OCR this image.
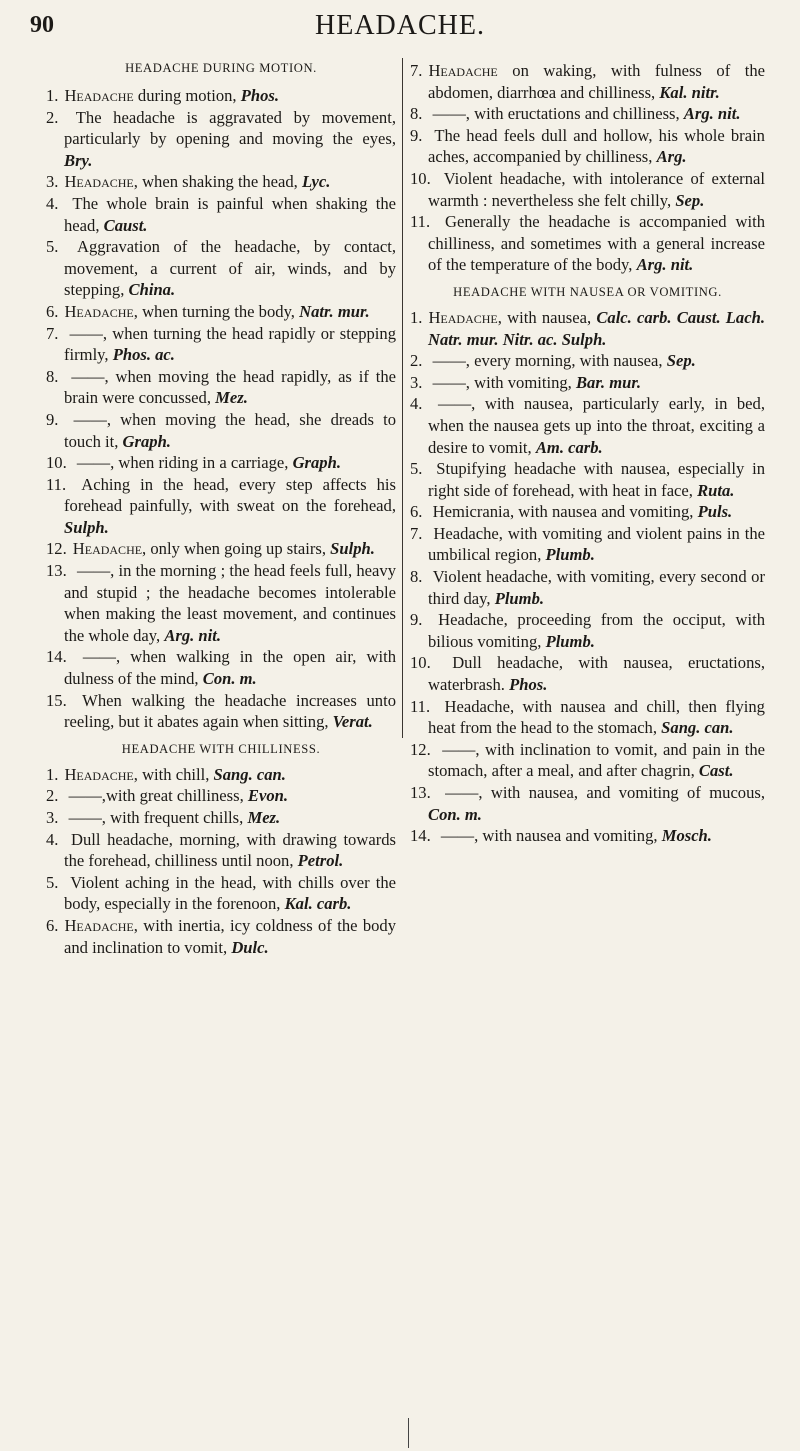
90	HEADACHE.
HEADACHE DURING MOTION.

1. Headache during motion, Phos.

2. The headache is aggravated by movement, particularly by opening and moving the eyes, Bry.

3. Headache, when shaking the head, Lyc.

4. The whole brain is painful when shaking the head, Caust.

5. Aggravation of the headache, by contact, movement, a current of air, winds, and by stepping, China.

6. Headache, when turning the body, Natr. mur.

7. ——, when turning the head rapidly or stepping firmly, Phos. ac.

8. ——, when moving the head rapidly, as if the brain were concussed, Mez.

9. ——, when moving the head, she dreads to touch it, Graph.

10. ——, when riding in a carriage, Graph.

11. Aching in the head, every step affects his forehead painfully, with sweat on the forehead, Sulph.

12. Headache, only when going up stairs, Sulph.

13. ——, in the morning ; the head feels full, heavy and stupid ; the headache becomes intolerable when making the least movement, and continues the whole day, Arg. nit.

14. ——, when walking in the open air, with dulness of the mind, Con. m.

15. When walking the headache increases unto reeling, but it abates again when sitting, Verat.

HEADACHE WITH CHILLINESS.

1. Headache, with chill, Sang. can.

2. ——,with great chilliness, Evon.

3. ——, with frequent chills, Mez.

4. Dull headache, morning, with drawing towards the forehead, chilliness until noon, Petrol.

5. Violent aching in the head, with chills over the body, especially in the forenoon, Kal. carb.

6. Headache, with inertia, icy coldness of the body and inclination to vomit, Dulc.

7. Headache on waking, with fulness of the abdomen, diarrhœa and chilliness, Kal. nitr.

8. ——, with eructations and chilliness, Arg. nit.

9. The head feels dull and hollow, his whole brain aches, accompanied by chilliness, Arg.

10. Violent headache, with intolerance of external warmth : nevertheless she felt chilly, Sep.

11. Generally the headache is accompanied with chilliness, and sometimes with a general increase of the temperature of the body, Arg. nit.

HEADACHE WITH NAUSEA OR VOMITING.

1. Headache, with nausea, Calc. carb. Caust. Lach. Natr. mur. Nitr. ac. Sulph.

2. ——, every morning, with nausea, Sep.

3. ——, with vomiting, Bar. mur.

4. ——, with nausea, particularly early, in bed, when the nausea gets up into the throat, exciting a desire to vomit, Am. carb.

5. Stupifying headache with nausea, especially in right side of forehead, with heat in face, Ruta.

6. Hemicrania, with nausea and vomiting, Puls.

7. Headache, with vomiting and violent pains in the umbilical region, Plumb.

8. Violent headache, with vomiting, every second or third day, Plumb.

9. Headache, proceeding from the occiput, with bilious vomiting, Plumb.

10. Dull headache, with nausea, eructations, waterbrash. Phos.

11. Headache, with nausea and chill, then flying heat from the head to the stomach, Sang. can.

12. ——, with inclination to vomit, and pain in the stomach, after a meal, and after chagrin, Cast.

13. ——, with nausea, and vomiting of mucous, Con. m.

14. ——, with nausea and vomiting, Mosch.
